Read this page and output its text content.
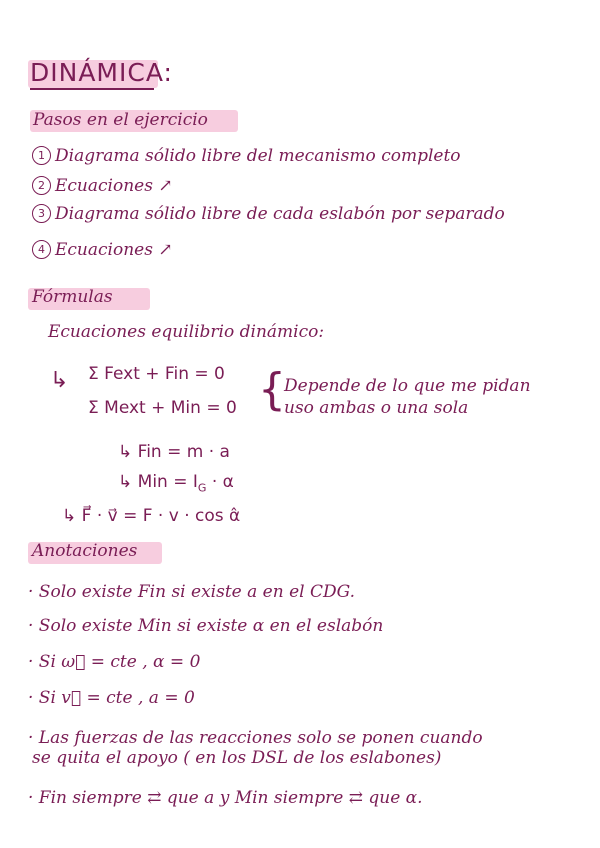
DINÁMICA:
Pasos en el ejercicio
1 Diagrama sólido libre del mecanismo completo
2 Ecuaciones ↗
3 Diagrama sólido libre de cada eslabón por separado
4 Ecuaciones ↗
Fórmulas
Ecuaciones equilibrio dinámico:
↳ Σ Fext + Fin = 0
Σ Mext + Min = 0 {
Depende de lo que me pidan
uso ambas o una sola
↳ Fin = m · a
↳ Min = $I_G \cdot \alpha$
↳ F⃗ · v⃗ = F · v · cos α̂
Anotaciones
· Solo existe Fin si existe a en el CDG.
· Solo existe Min si existe α en el eslabón
· Si ω⃗ = cte , α = 0
· Si v⃗ = cte , a = 0
· Las fuerzas de las reacciones solo se ponen cuando
se quita el apoyo ( en los DSL de los eslabones)
· Fin siempre ⇄ que a y Min siempre ⇄ que α.
